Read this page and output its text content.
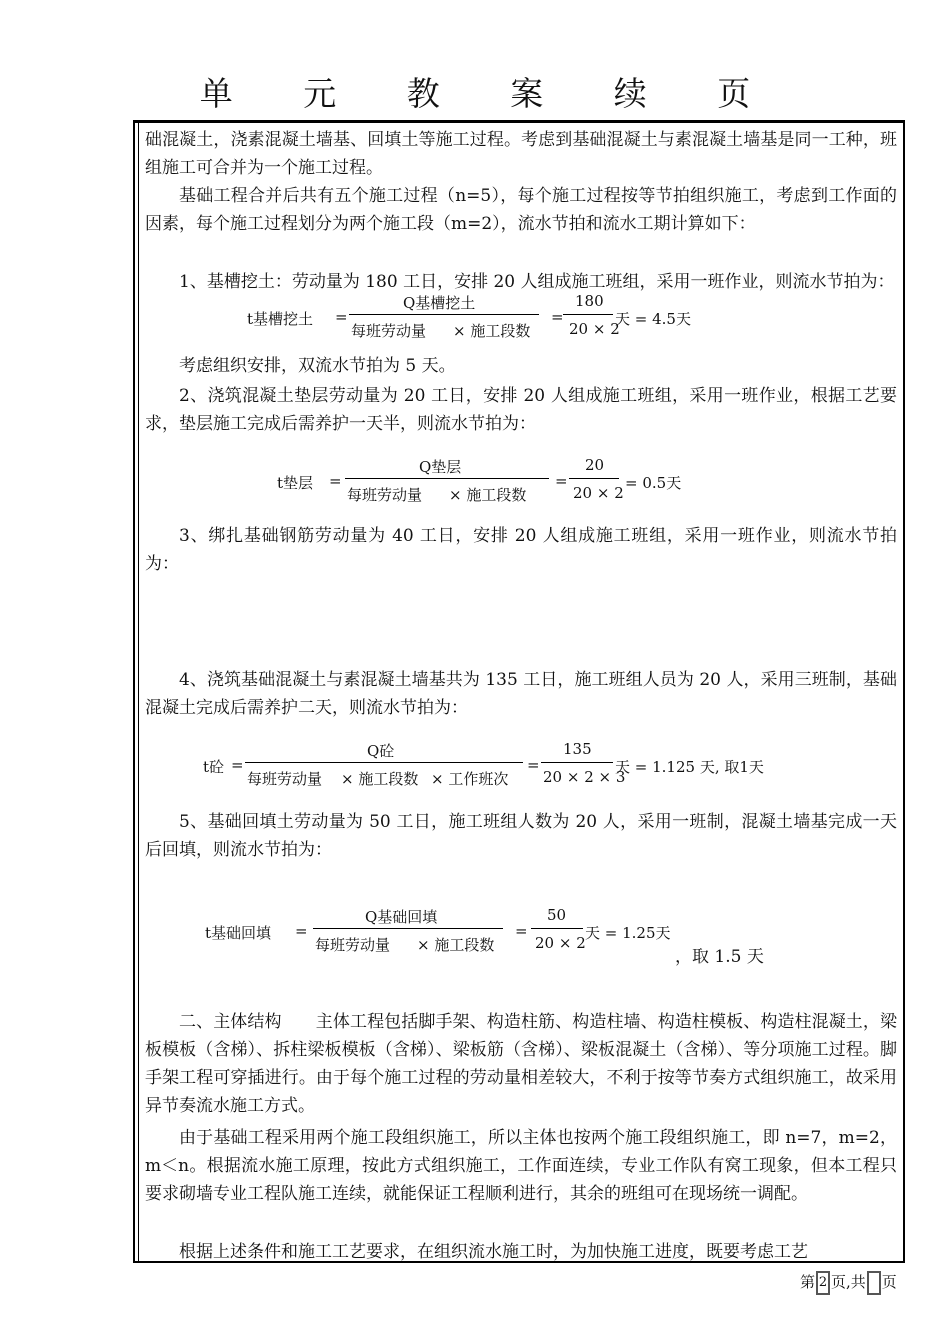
单 元 教 案 续 页
础混凝土，浇素混凝土墙基、回填土等施工过程。考虑到基础混凝土与素混凝土墙基是同一工种，班组施工可合并为一个施工过程。
基础工程合并后共有五个施工过程（n=5），每个施工过程按等节拍组织施工，考虑到工作面的因素，每个施工过程划分为两个施工段（m=2），流水节拍和流水工期计算如下：
1、基槽挖土：劳动量为 180 工日，安排 20 人组成施工班组，采用一班作业，则流水节拍为：
t基槽挖土 =
Q基槽挖土
每班劳动量 × 施工段数
=
180
20 × 2
天 = 4.5天
考虑组织安排，双流水节拍为 5 天。
2、浇筑混凝土垫层劳动量为 20 工日，安排 20 人组成施工班组，采用一班作业，根据工艺要求，垫层施工完成后需养护一天半，则流水节拍为：
t垫层 =
Q垫层
每班劳动量 × 施工段数
=
20
20 × 2
= 0.5天
3、绑扎基础钢筋劳动量为 40 工日，安排 20 人组成施工班组，采用一班作业，则流水节拍为：
4、浇筑基础混凝土与素混凝土墙基共为 135 工日，施工班组人员为 20 人，采用三班制，基础混凝土完成后需养护二天，则流水节拍为：
t砼 =
Q砼
每班劳动量 × 施工段数 × 工作班次
=
135
20 × 2 × 3
天 = 1.125 天, 取1天
5、基础回填土劳动量为 50 工日，施工班组人数为 20 人，采用一班制，混凝土墙基完成一天后回填，则流水节拍为：
t基础回填 =
Q基础回填
每班劳动量 × 施工段数
=
50
20 × 2
天 = 1.25天
，取 1.5 天
二、主体结构　　主体工程包括脚手架、构造柱筋、构造柱墙、构造柱模板、构造柱混凝土，梁板模板（含梯）、拆柱梁板模板（含梯）、梁板筋（含梯）、梁板混凝土（含梯）、等分项施工过程。脚手架工程可穿插进行。由于每个施工过程的劳动量相差较大，不利于按等节奏方式组织施工，故采用异节奏流水施工方式。
由于基础工程采用两个施工段组织施工，所以主体也按两个施工段组织施工，即 n=7，m=2，m＜n。根据流水施工原理，按此方式组织施工，工作面连续，专业工作队有窝工现象，但本工程只要求砌墙专业工程队施工连续，就能保证工程顺利进行，其余的班组可在现场统一调配。
根据上述条件和施工工艺要求，在组织流水施工时，为加快施工进度，既要考虑工艺
第 2 页,共 页
